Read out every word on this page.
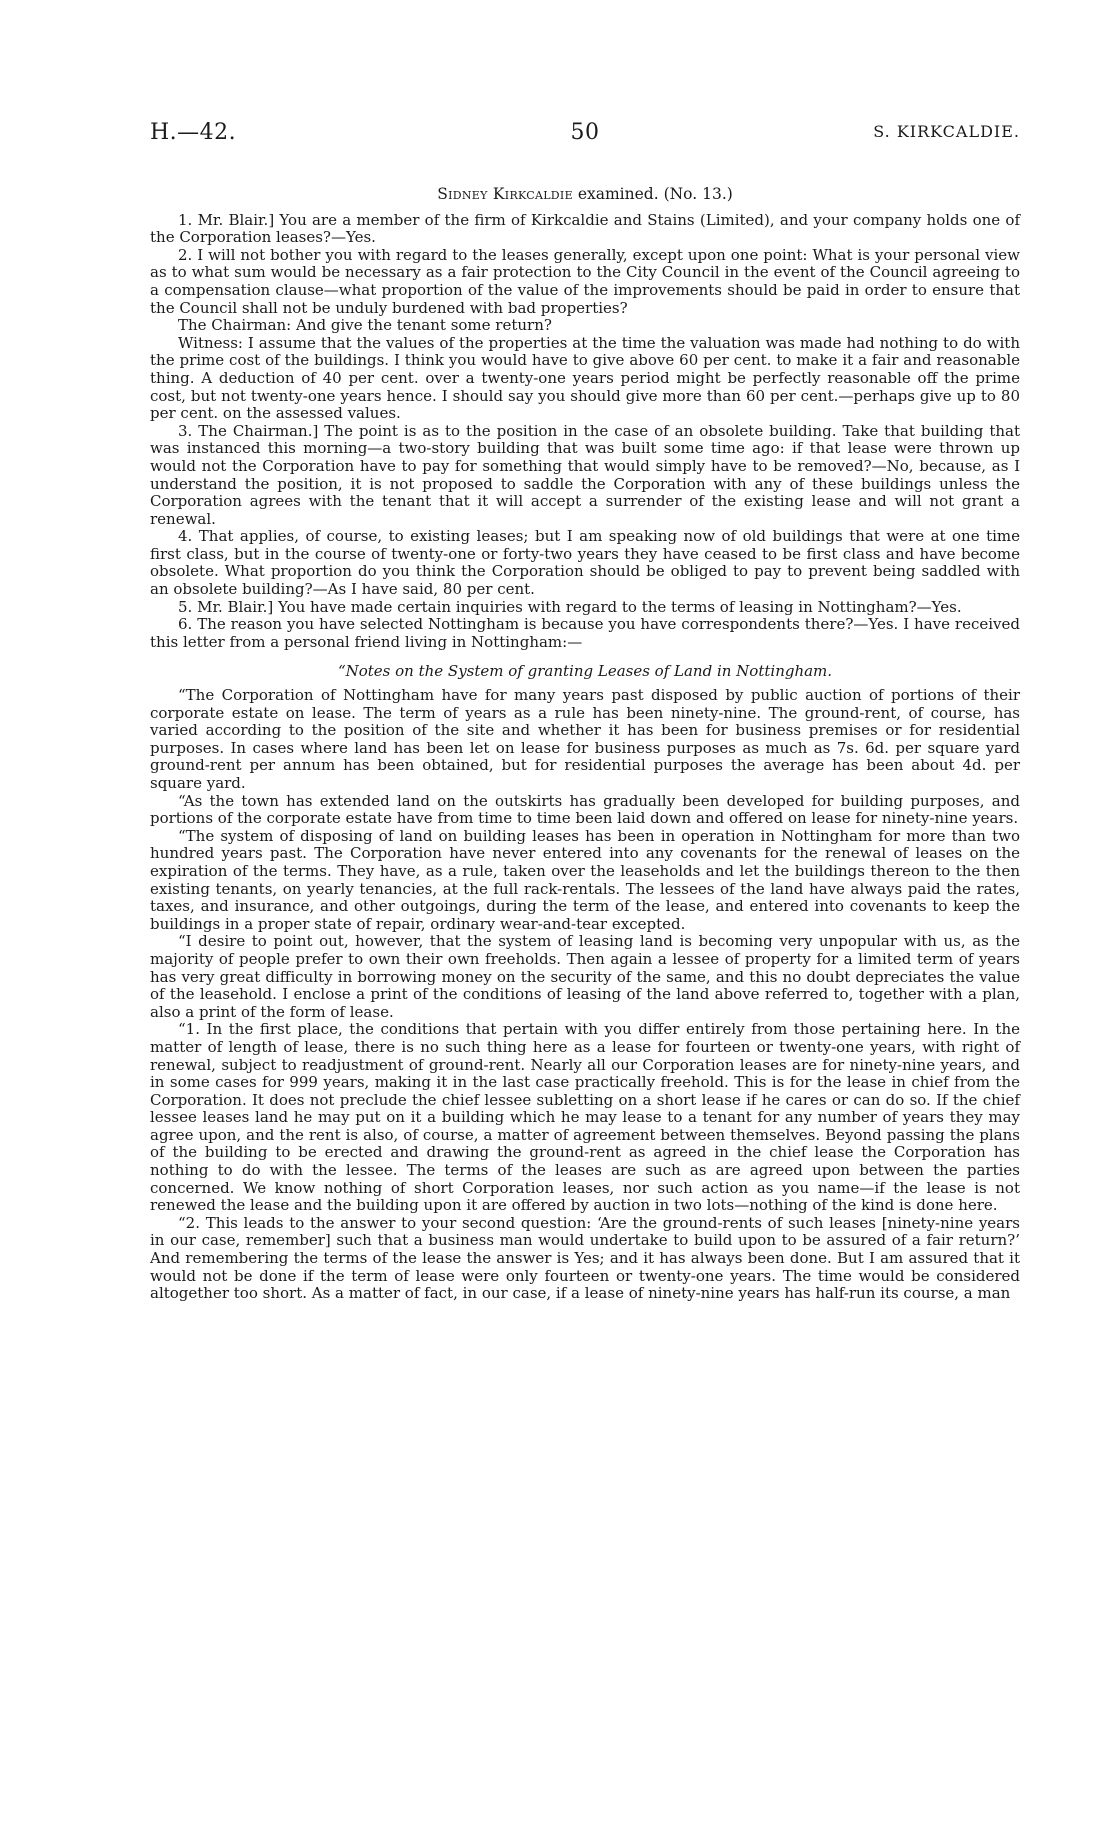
H.—42.	50	S. KIRKCALDIE.
Sidney Kirkcaldie examined. (No. 13.)

1. Mr. Blair.] You are a member of the firm of Kirkcaldie and Stains (Limited), and your company holds one of the Corporation leases?—Yes.

2. I will not bother you with regard to the leases generally, except upon one point: What is your personal view as to what sum would be necessary as a fair protection to the City Council in the event of the Council agreeing to a compensation clause—what proportion of the value of the improvements should be paid in order to ensure that the Council shall not be unduly burdened with bad properties?

The Chairman: And give the tenant some return?

Witness: I assume that the values of the properties at the time the valuation was made had nothing to do with the prime cost of the buildings. I think you would have to give above 60 per cent. to make it a fair and reasonable thing. A deduction of 40 per cent. over a twenty-one years period might be perfectly reasonable off the prime cost, but not twenty-one years hence. I should say you should give more than 60 per cent.—perhaps give up to 80 per cent. on the assessed values.

3. The Chairman.] The point is as to the position in the case of an obsolete building. Take that building that was instanced this morning—a two-story building that was built some time ago: if that lease were thrown up would not the Corporation have to pay for something that would simply have to be removed?—No, because, as I understand the position, it is not proposed to saddle the Corporation with any of these buildings unless the Corporation agrees with the tenant that it will accept a surrender of the existing lease and will not grant a renewal.

4. That applies, of course, to existing leases; but I am speaking now of old buildings that were at one time first class, but in the course of twenty-one or forty-two years they have ceased to be first class and have become obsolete. What proportion do you think the Corporation should be obliged to pay to prevent being saddled with an obsolete building?—As I have said, 80 per cent.

5. Mr. Blair.] You have made certain inquiries with regard to the terms of leasing in Nottingham?—Yes.

6. The reason you have selected Nottingham is because you have correspondents there?—Yes. I have received this letter from a personal friend living in Nottingham:—

“Notes on the System of granting Leases of Land in Nottingham.

“The Corporation of Nottingham have for many years past disposed by public auction of portions of their corporate estate on lease. The term of years as a rule has been ninety-nine. The ground-rent, of course, has varied according to the position of the site and whether it has been for business premises or for residential purposes. In cases where land has been let on lease for business purposes as much as 7s. 6d. per square yard ground-rent per annum has been obtained, but for residential purposes the average has been about 4d. per square yard.

“As the town has extended land on the outskirts has gradually been developed for building purposes, and portions of the corporate estate have from time to time been laid down and offered on lease for ninety-nine years.

“The system of disposing of land on building leases has been in operation in Nottingham for more than two hundred years past. The Corporation have never entered into any covenants for the renewal of leases on the expiration of the terms. They have, as a rule, taken over the leaseholds and let the buildings thereon to the then existing tenants, on yearly tenancies, at the full rack-rentals. The lessees of the land have always paid the rates, taxes, and insurance, and other outgoings, during the term of the lease, and entered into covenants to keep the buildings in a proper state of repair, ordinary wear-and-tear excepted.

“I desire to point out, however, that the system of leasing land is becoming very unpopular with us, as the majority of people prefer to own their own freeholds. Then again a lessee of property for a limited term of years has very great difficulty in borrowing money on the security of the same, and this no doubt depreciates the value of the leasehold. I enclose a print of the conditions of leasing of the land above referred to, together with a plan, also a print of the form of lease.

“1. In the first place, the conditions that pertain with you differ entirely from those pertaining here. In the matter of length of lease, there is no such thing here as a lease for fourteen or twenty-one years, with right of renewal, subject to readjustment of ground-rent. Nearly all our Corporation leases are for ninety-nine years, and in some cases for 999 years, making it in the last case practically freehold. This is for the lease in chief from the Corporation. It does not preclude the chief lessee subletting on a short lease if he cares or can do so. If the chief lessee leases land he may put on it a building which he may lease to a tenant for any number of years they may agree upon, and the rent is also, of course, a matter of agreement between themselves. Beyond passing the plans of the building to be erected and drawing the ground-rent as agreed in the chief lease the Corporation has nothing to do with the lessee. The terms of the leases are such as are agreed upon between the parties concerned. We know nothing of short Corporation leases, nor such action as you name—if the lease is not renewed the lease and the building upon it are offered by auction in two lots—nothing of the kind is done here.

“2. This leads to the answer to your second question: ‘Are the ground-rents of such leases [ninety-nine years in our case, remember] such that a business man would undertake to build upon to be assured of a fair return?’ And remembering the terms of the lease the answer is Yes; and it has always been done. But I am assured that it would not be done if the term of lease were only fourteen or twenty-one years. The time would be considered altogether too short. As a matter of fact, in our case, if a lease of ninety-nine years has half-run its course, a man
